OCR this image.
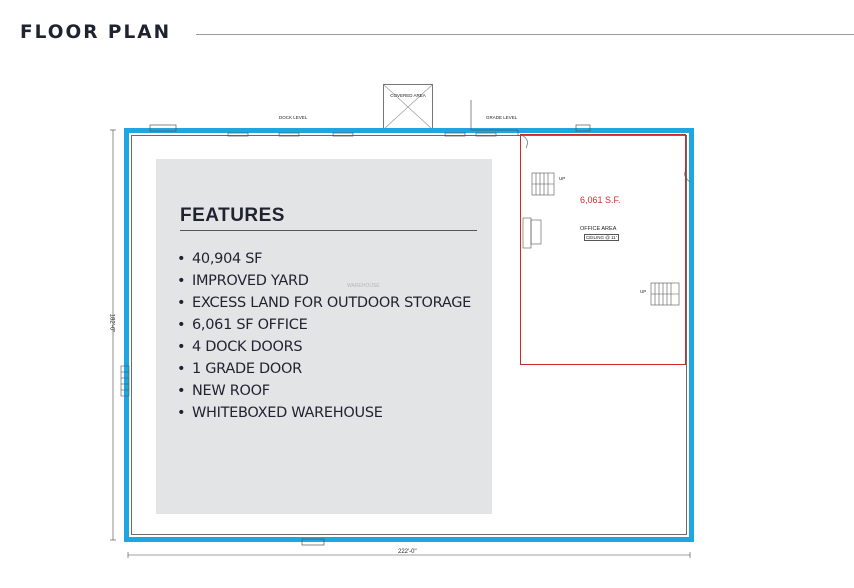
FLOOR PLAN
COVERED AREA
DOCK LEVEL	GRADE LEVEL
WAREHOUSE
FEATURES
• 40,904 SF
• IMPROVED YARD
• EXCESS LAND FOR OUTDOOR STORAGE
• 6,061 SF OFFICE
• 4 DOCK DOORS
• 1 GRADE DOOR
• NEW ROOF
• WHITEBOXED WAREHOUSE
6,061 S.F.
OFFICE AREA
CEILING @ 11'
UP
UP
182'-0"
222'-0"
